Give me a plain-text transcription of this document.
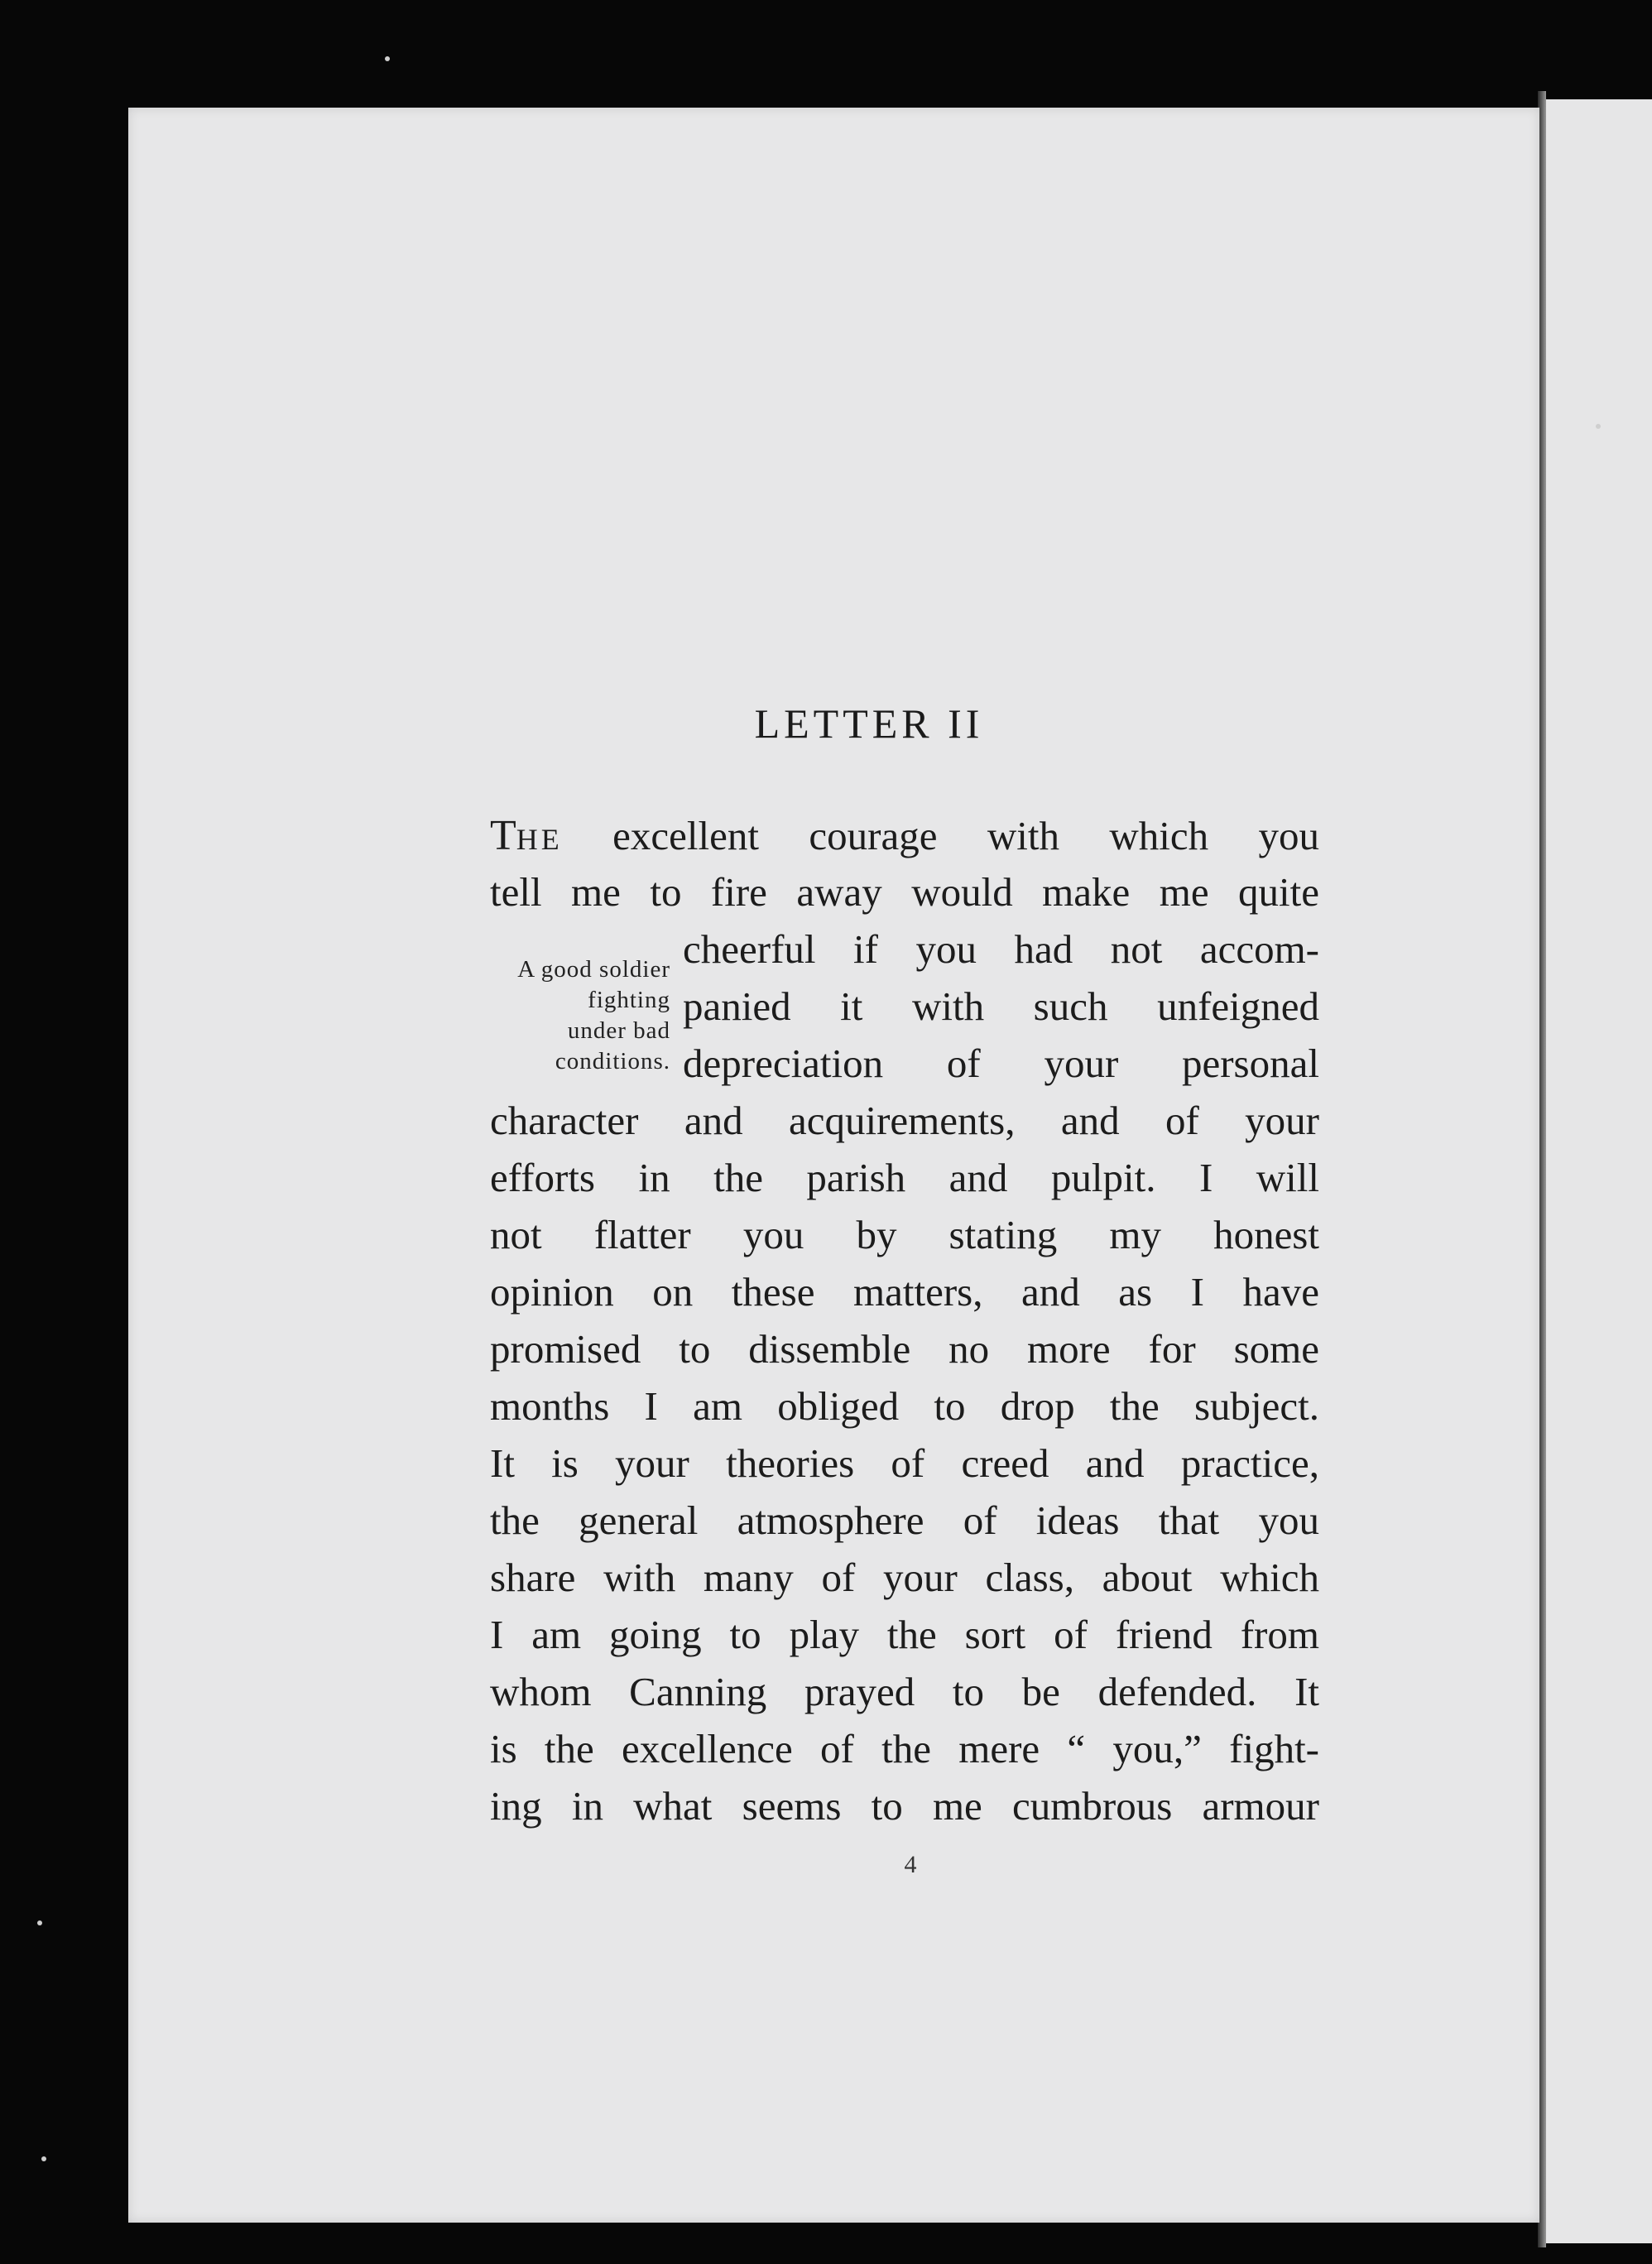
LETTER II
A good soldier
fighting
under bad
conditions.
THE excellent courage with which you
tell me to fire away would make me quite
cheerful if you had not accom-
panied it with such unfeigned
depreciation of your personal
character and acquirements, and of your
efforts in the parish and pulpit. I will
not flatter you by stating my honest
opinion on these matters, and as I have
promised to dissemble no more for some
months I am obliged to drop the subject.
It is your theories of creed and practice,
the general atmosphere of ideas that you
share with many of your class, about which
I am going to play the sort of friend from
whom Canning prayed to be defended. It
is the excellence of the mere “ you,” fight-
ing in what seems to me cumbrous armour
4
